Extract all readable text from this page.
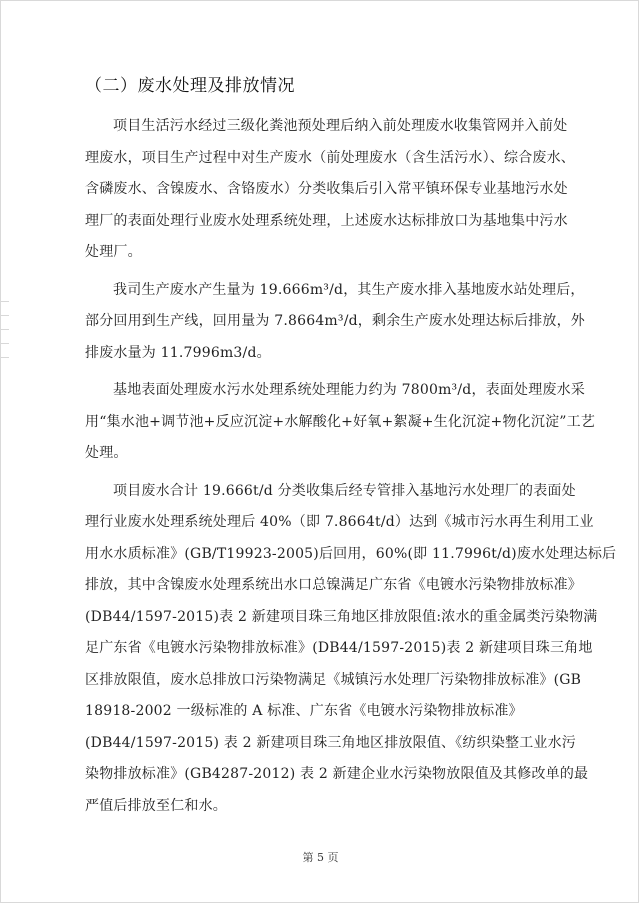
（二）废水处理及排放情况
项目生活污水经过三级化粪池预处理后纳入前处理废水收集管网并入前处
理废水，项目生产过程中对生产废水（前处理废水（含生活污水）、综合废水、
含磷废水、含镍废水、含铬废水）分类收集后引入常平镇环保专业基地污水处
理厂的表面处理行业废水处理系统处理，上述废水达标排放口为基地集中污水
处理厂。
我司生产废水产生量为 19.666m³/d，其生产废水排入基地废水站处理后，
部分回用到生产线，回用量为 7.8664m³/d，剩余生产废水处理达标后排放，外
排废水量为 11.7996m3/d。
基地表面处理废水污水处理系统处理能力约为 7800m³/d，表面处理废水采
用“集水池+调节池+反应沉淀+水解酸化+好氧+絮凝+生化沉淀+物化沉淀”工艺
处理。
项目废水合计 19.666t/d 分类收集后经专管排入基地污水处理厂的表面处
理行业废水处理系统处理后 40%（即 7.8664t/d）达到《城市污水再生利用工业
用水水质标准》(GB/T19923-2005)后回用，60%(即 11.7996t/d)废水处理达标后
排放，其中含镍废水处理系统出水口总镍满足广东省《电镀水污染物排放标准》
(DB44/1597-2015)表 2 新建项目珠三角地区排放限值:浓水的重金属类污染物满
足广东省《电镀水污染物排放标准》(DB44/1597-2015)表 2 新建项目珠三角地
区排放限值，废水总排放口污染物满足《城镇污水处理厂污染物排放标准》(GB
18918-2002 一级标准的 A 标准、广东省《电镀水污染物排放标准》
(DB44/1597-2015) 表 2 新建项目珠三角地区排放限值、《纺织染整工业水污
染物排放标准》(GB4287-2012) 表 2 新建企业水污染物放限值及其修改单的最
严值后排放至仁和水。
第 5 页
